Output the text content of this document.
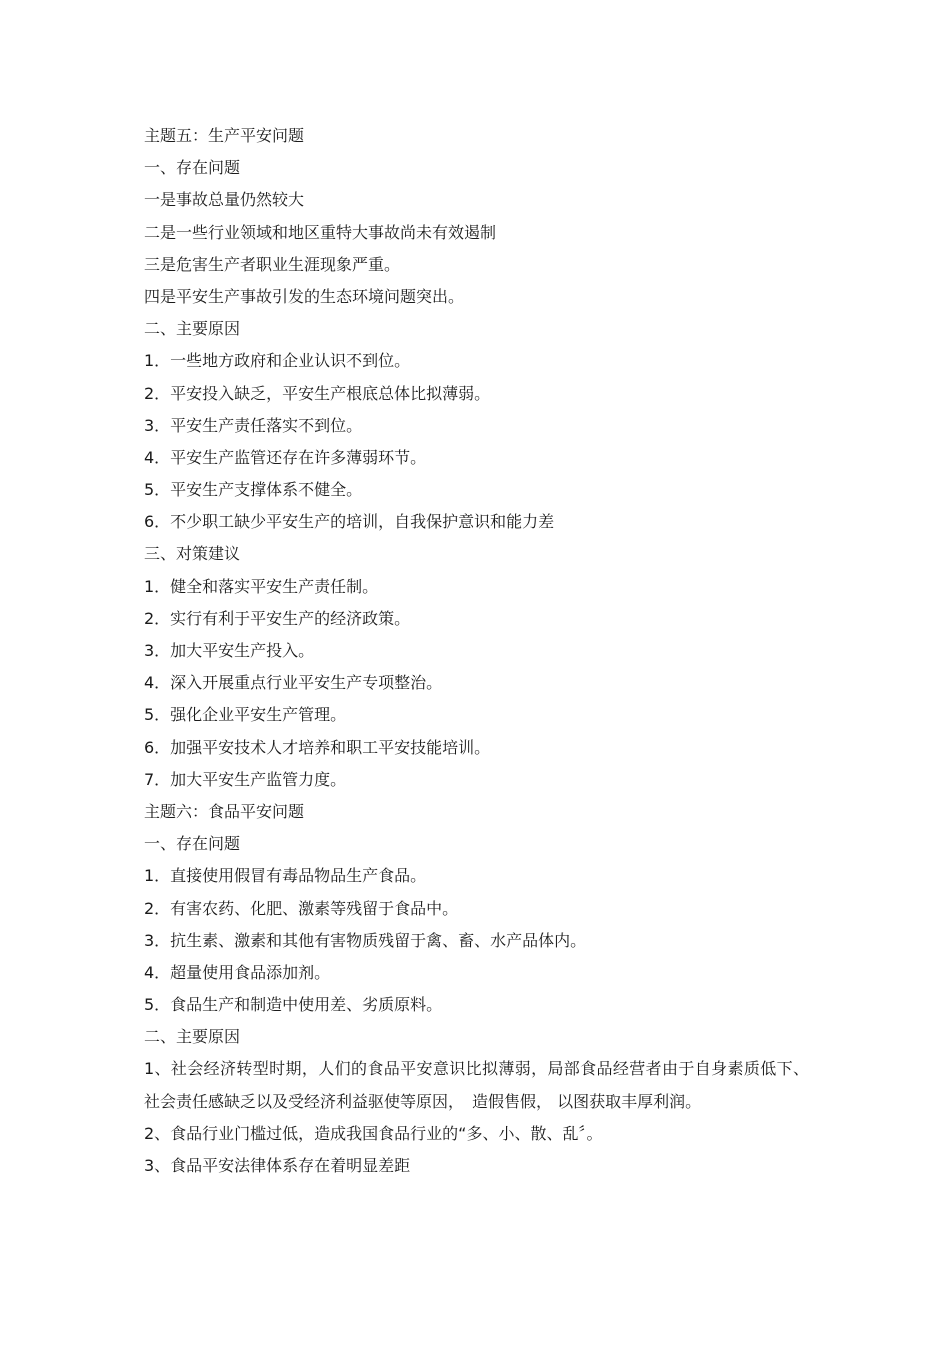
主题五：生产平安问题
一、存在问题
一是事故总量仍然较大
二是一些行业领域和地区重特大事故尚未有效遏制
三是危害生产者职业生涯现象严重。
四是平安生产事故引发的生态环境问题突出。
二、主要原因
1．一些地方政府和企业认识不到位。
2．平安投入缺乏，平安生产根底总体比拟薄弱。
3．平安生产责任落实不到位。
4．平安生产监管还存在许多薄弱环节。
5．平安生产支撑体系不健全。
6．不少职工缺少平安生产的培训，自我保护意识和能力差
三、对策建议
1．健全和落实平安生产责任制。
2．实行有利于平安生产的经济政策。
3．加大平安生产投入。
4．深入开展重点行业平安生产专项整治。
5．强化企业平安生产管理。
6．加强平安技术人才培养和职工平安技能培训。
7．加大平安生产监管力度。
主题六：食品平安问题
一、存在问题
1．直接使用假冒有毒品物品生产食品。
2．有害农药、化肥、激素等残留于食品中。
3．抗生素、激素和其他有害物质残留于禽、畜、水产品体内。
4．超量使用食品添加剂。
5．食品生产和制造中使用差、劣质原料。
二、主要原因
1、社会经济转型时期，人们的食品平安意识比拟薄弱，局部食品经营者由于自身素质低下、 社会责任感缺乏以及受经济利益驱使等原因，　造假售假， 以图获取丰厚利润。
2、食品行业门槛过低，造成我国食品行业的“多、小、散、乱〞。
3、食品平安法律体系存在着明显差距
